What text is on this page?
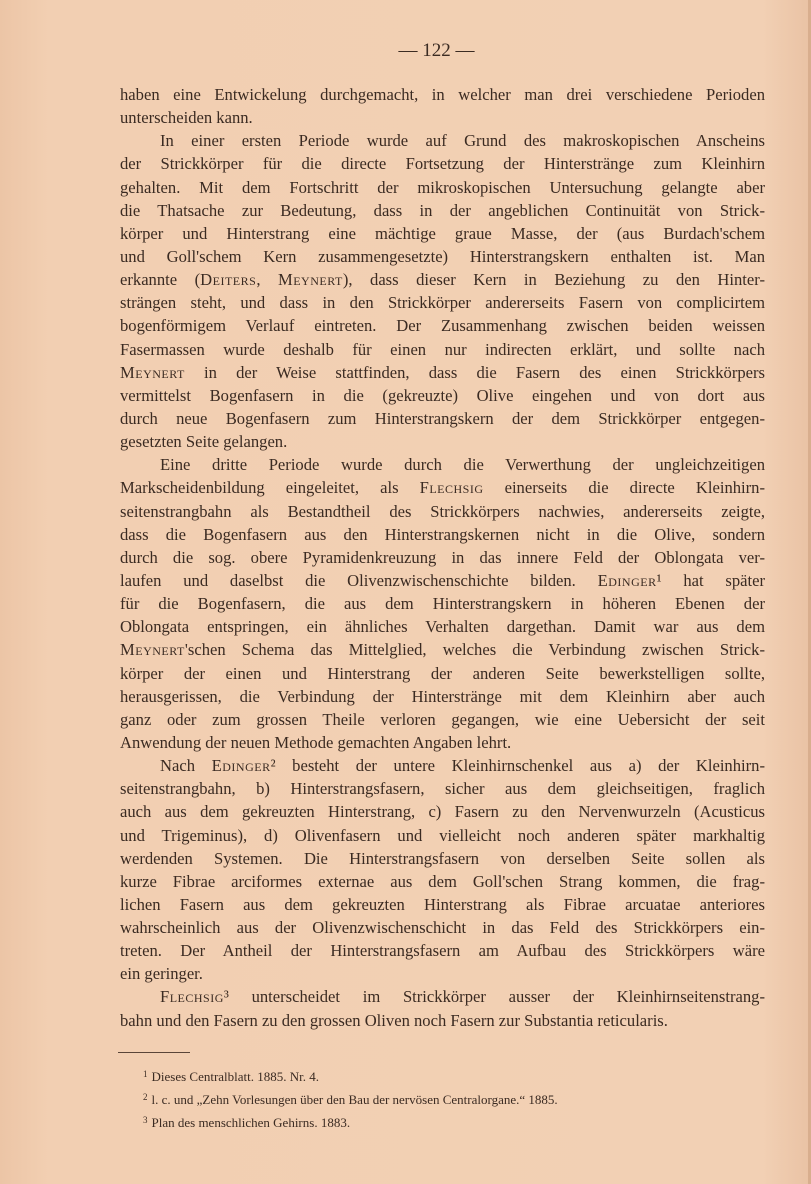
— 122 —
haben eine Entwickelung durchgemacht, in welcher man drei verschiedene Perioden
unterscheiden kann.
In einer ersten Periode wurde auf Grund des makroskopischen Anscheins
der Strickkörper für die directe Fortsetzung der Hinterstränge zum Kleinhirn
gehalten. Mit dem Fortschritt der mikroskopischen Untersuchung gelangte aber
die Thatsache zur Bedeutung, dass in der angeblichen Continuität von Strick-
körper und Hinterstrang eine mächtige graue Masse, der (aus Burdach'schem
und Goll'schem Kern zusammengesetzte) Hinterstrangskern enthalten ist. Man
erkannte (Deiters, Meynert), dass dieser Kern in Beziehung zu den Hinter-
strängen steht, und dass in den Strickkörper andererseits Fasern von complicirtem
bogenförmigem Verlauf eintreten. Der Zusammenhang zwischen beiden weissen
Fasermassen wurde deshalb für einen nur indirecten erklärt, und sollte nach
Meynert in der Weise stattfinden, dass die Fasern des einen Strickkörpers
vermittelst Bogenfasern in die (gekreuzte) Olive eingehen und von dort aus
durch neue Bogenfasern zum Hinterstrangskern der dem Strickkörper entgegen-
gesetzten Seite gelangen.
Eine dritte Periode wurde durch die Verwerthung der ungleichzeitigen
Markscheidenbildung eingeleitet, als Flechsig einerseits die directe Kleinhirn-
seitenstrangbahn als Bestandtheil des Strickkörpers nachwies, andererseits zeigte,
dass die Bogenfasern aus den Hinterstrangskernen nicht in die Olive, sondern
durch die sog. obere Pyramidenkreuzung in das innere Feld der Oblongata ver-
laufen und daselbst die Olivenzwischenschichte bilden. Edinger¹ hat später
für die Bogenfasern, die aus dem Hinterstrangskern in höheren Ebenen der
Oblongata entspringen, ein ähnliches Verhalten dargethan. Damit war aus dem
Meynert'schen Schema das Mittelglied, welches die Verbindung zwischen Strick-
körper der einen und Hinterstrang der anderen Seite bewerkstelligen sollte,
herausgerissen, die Verbindung der Hinterstränge mit dem Kleinhirn aber auch
ganz oder zum grossen Theile verloren gegangen, wie eine Uebersicht der seit
Anwendung der neuen Methode gemachten Angaben lehrt.
Nach Edinger² besteht der untere Kleinhirnschenkel aus a) der Kleinhirn-
seitenstrangbahn, b) Hinterstrangsfasern, sicher aus dem gleichseitigen, fraglich
auch aus dem gekreuzten Hinterstrang, c) Fasern zu den Nervenwurzeln (Acusticus
und Trigeminus), d) Olivenfasern und vielleicht noch anderen später markhaltig
werdenden Systemen. Die Hinterstrangsfasern von derselben Seite sollen als
kurze Fibrae arciformes externae aus dem Goll'schen Strang kommen, die frag-
lichen Fasern aus dem gekreuzten Hinterstrang als Fibrae arcuatae anteriores
wahrscheinlich aus der Olivenzwischenschicht in das Feld des Strickkörpers ein-
treten. Der Antheil der Hinterstrangsfasern am Aufbau des Strickkörpers wäre
ein geringer.
Flechsig³ unterscheidet im Strickkörper ausser der Kleinhirnseitenstrang-
bahn und den Fasern zu den grossen Oliven noch Fasern zur Substantia reticularis.
$^1$ Dieses Centralblatt. 1885. Nr. 4.
$^2$ l. c. und „Zehn Vorlesungen über den Bau der nervösen Centralorgane.“ 1885.
$^3$ Plan des menschlichen Gehirns. 1883.
